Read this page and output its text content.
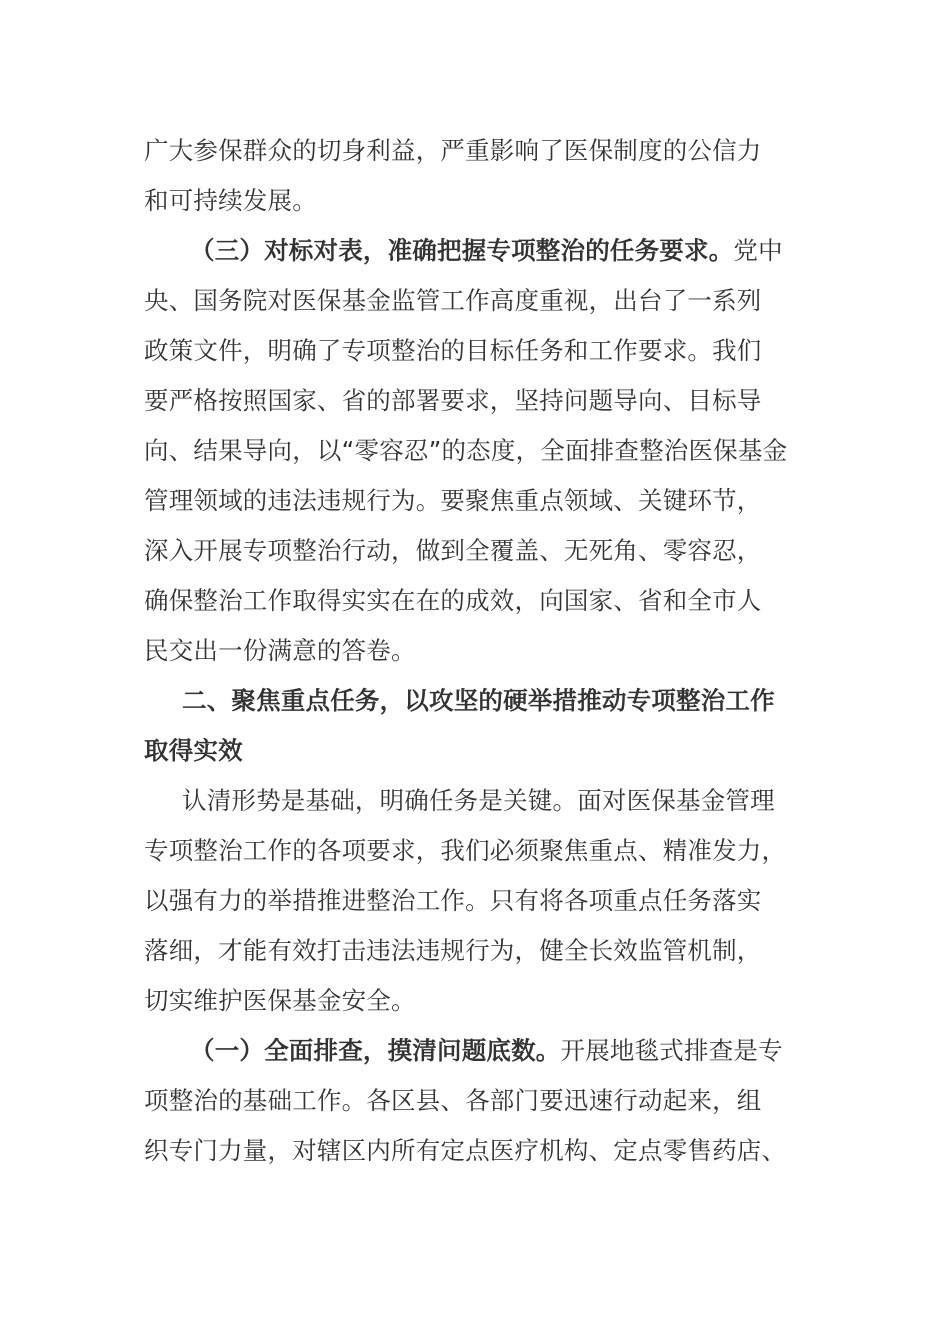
广大参保群众的切身利益，严重影响了医保制度的公信力
和可持续发展。
（三）对标对表，准确把握专项整治的任务要求。党中
央、国务院对医保基金监管工作高度重视，出台了一系列
政策文件，明确了专项整治的目标任务和工作要求。我们
要严格按照国家、省的部署要求，坚持问题导向、目标导
向、结果导向，以“零容忍”的态度，全面排查整治医保基金
管理领域的违法违规行为。要聚焦重点领域、关键环节，
深入开展专项整治行动，做到全覆盖、无死角、零容忍，
确保整治工作取得实实在在的成效，向国家、省和全市人
民交出一份满意的答卷。
二、聚焦重点任务，以攻坚的硬举措推动专项整治工作
取得实效
认清形势是基础，明确任务是关键。面对医保基金管理
专项整治工作的各项要求，我们必须聚焦重点、精准发力，
以强有力的举措推进整治工作。只有将各项重点任务落实
落细，才能有效打击违法违规行为，健全长效监管机制，
切实维护医保基金安全。
（一）全面排查，摸清问题底数。开展地毯式排查是专
项整治的基础工作。各区县、各部门要迅速行动起来，组
织专门力量，对辖区内所有定点医疗机构、定点零售药店、
